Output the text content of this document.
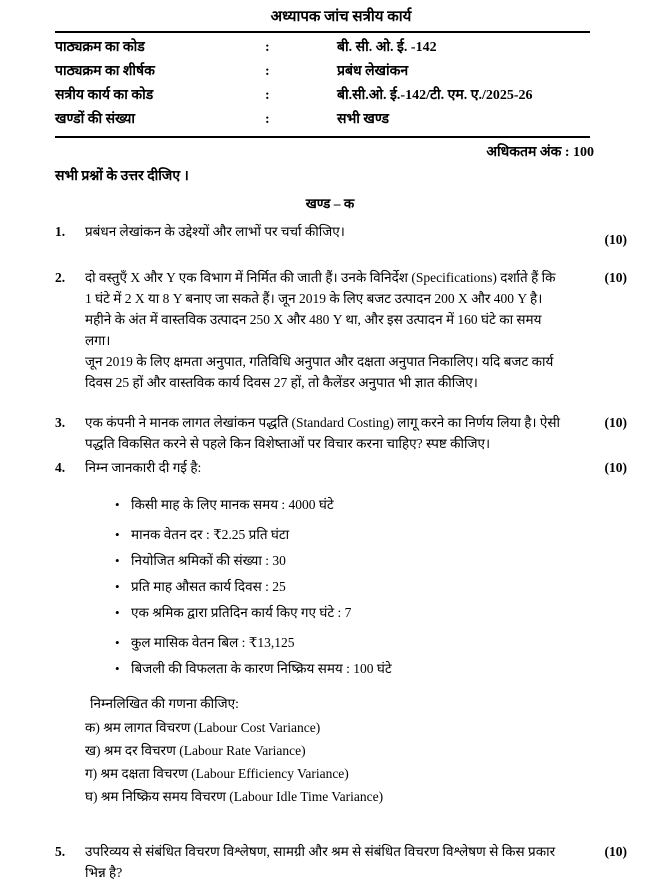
अध्यापक जांच सत्रीय कार्य
पाठ्यक्रम का कोड	:	बी. सी. ओ. ई. -142
पाठ्यक्रम का शीर्षक	:	प्रबंध लेखांकन
सत्रीय कार्य का कोड	:	बी.सी.ओ. ई.-142/टी. एम. ए./2025-26
खण्डों की संख्या	:	सभी खण्ड
अधिकतम अंक : 100
सभी प्रश्नों के उत्तर दीजिए ।
खण्ड – क
1.	प्रबंधन लेखांकन के उद्देश्यों और लाभों पर चर्चा कीजिए।

(10)
2.	दो वस्तुएँ X और Y एक विभाग में निर्मित की जाती हैं। उनके विनिर्देश (Specifications) दर्शाते हैं कि 1 घंटे में 2 X या 8 Y बनाए जा सकते हैं। जून 2019 के लिए बजट उत्पादन 200 X और 400 Y है। महीने के अंत में वास्तविक उत्पादन 250 X और 480 Y था, और इस उत्पादन में 160 घंटे का समय लगा।

जून 2019 के लिए क्षमता अनुपात, गतिविधि अनुपात और दक्षता अनुपात निकालिए। यदि बजट कार्य दिवस 25 हों और वास्तविक कार्य दिवस 27 हों, तो कैलेंडर अनुपात भी ज्ञात कीजिए।

(10)
3.	एक कंपनी ने मानक लागत लेखांकन पद्धति (Standard Costing) लागू करने का निर्णय लिया है। ऐसी पद्धति विकसित करने से पहले किन विशेष्ताओं पर विचार करना चाहिए? स्पष्ट कीजिए।

(10)
4.	निम्न जानकारी दी गई है:

• किसी माह के लिए मानक समय : 4000 घंटे
• मानक वेतन दर : ₹2.25 प्रति घंटा
• नियोजित श्रमिकों की संख्या : 30
• प्रति माह औसत कार्य दिवस : 25
• एक श्रमिक द्वारा प्रतिदिन कार्य किए गए घंटे : 7
• कुल मासिक वेतन बिल : ₹13,125
• बिजली की विफलता के कारण निष्क्रिय समय : 100 घंटे

निम्नलिखित की गणना कीजिए:

क) श्रम लागत विचरण (Labour Cost Variance)
ख) श्रम दर विचरण (Labour Rate Variance)
ग) श्रम दक्षता विचरण (Labour Efficiency Variance)
घ) श्रम निष्क्रिय समय विचरण (Labour Idle Time Variance)
(10)
5.	उपरिव्यय से संबंधित विचरण विश्लेषण, सामग्री और श्रम से संबंधित विचरण विश्लेषण से किस प्रकार भिन्न है?

(10)
